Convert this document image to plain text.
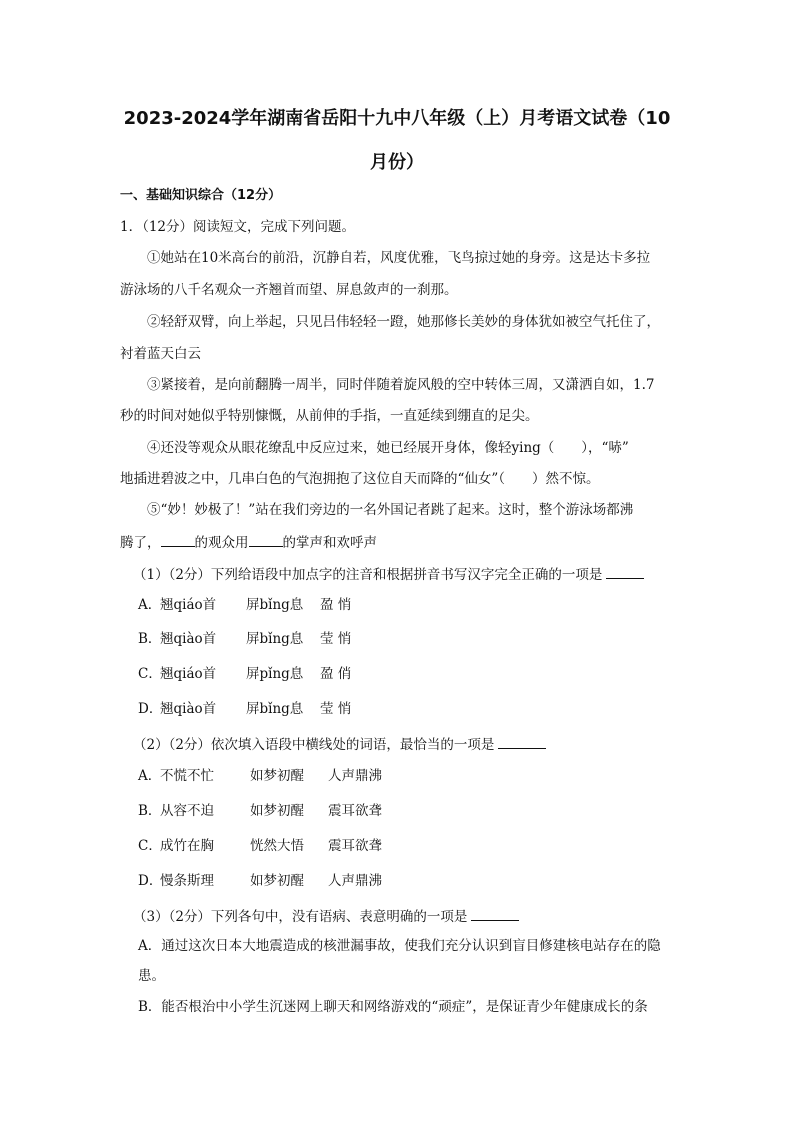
2023-2024学年湖南省岳阳十九中八年级（上）月考语文试卷（10
月份）
一、基础知识综合（12分）
1．（12分）阅读短文，完成下列问题。
①她站在10米高台的前沿，沉静自若，风度优雅，飞鸟掠过她的身旁。这是达卡多拉
游泳场的八千名观众一齐翘首而望、屏息敛声的一刹那。
②轻舒双臂，向上举起，只见吕伟轻轻一蹬，她那修长美妙的身体犹如被空气托住了，
衬着蓝天白云
③紧接着，是向前翻腾一周半，同时伴随着旋风般的空中转体三周，又潇洒自如，1.7
秒的时间对她似乎特别慷慨，从前伸的手指，一直延续到绷直的足尖。
④还没等观众从眼花缭乱中反应过来，她已经展开身体，像轻ying（　　），“哧”
地插进碧波之中，几串白色的气泡拥抱了这位自天而降的“仙女”（　　）然不惊。
⑤“妙！妙极了！”站在我们旁边的一名外国记者跳了起来。这时，整个游泳场都沸
腾了，	的观众用	的掌声和欢呼声
（1）（2分）下列给语段中加点字的注音和根据拼音书写汉字完全正确的一项是
A．
翘qiáo首 屏bǐng息 盈 悄
B．
翘qiào首 屏bǐng息 莹 悄
C．
翘qiáo首 屏pǐng息 盈 俏
D．
翘qiào首 屏bǐng息 莹 悄
（2）（2分）依次填入语段中横线处的词语，最恰当的一项是
A．
不慌不忙	如梦初醒 人声鼎沸
B．
从容不迫	如梦初醒 震耳欲聋
C．
成竹在胸	恍然大悟 震耳欲聋
D．
慢条斯理	如梦初醒 人声鼎沸
（3）（2分）下列各句中，没有语病、表意明确的一项是
A．通过这次日本大地震造成的核泄漏事故，使我们充分认识到盲目修建核电站存在的隐
患。
B．能否根治中小学生沉迷网上聊天和网络游戏的“顽症”，是保证青少年健康成长的条
